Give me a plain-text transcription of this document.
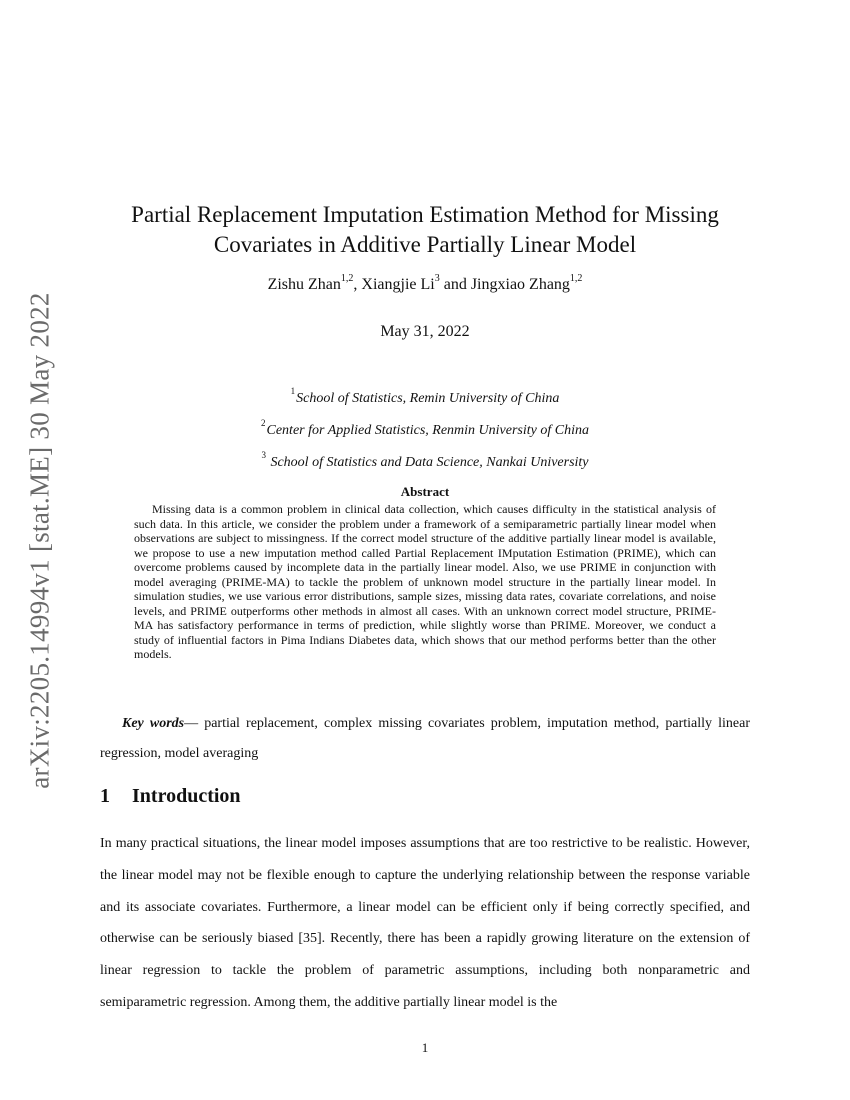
arXiv:2205.14994v1 [stat.ME] 30 May 2022
Partial Replacement Imputation Estimation Method for Missing
Covariates in Additive Partially Linear Model
Zishu Zhan$^{1,2}$, Xiangjie Li$^3$ and Jingxiao Zhang$^{1,2}$
May 31, 2022
$^1$School of Statistics, Remin University of China
$^2$Center for Applied Statistics, Renmin University of China
$^3$ School of Statistics and Data Science, Nankai University
Abstract

Missing data is a common problem in clinical data collection, which causes difficulty in the statistical analysis of such data. In this article, we consider the problem under a framework of a semiparametric partially linear model when observations are subject to missingness. If the correct model structure of the additive partially linear model is available, we propose to use a new imputation method called Partial Replacement IMputation Estimation (PRIME), which can overcome problems caused by incomplete data in the partially linear model. Also, we use PRIME in conjunction with model averaging (PRIME-MA) to tackle the problem of unknown model structure in the partially linear model. In simulation studies, we use various error distributions, sample sizes, missing data rates, covariate correlations, and noise levels, and PRIME outperforms other methods in almost all cases. With an unknown correct model structure, PRIME-MA has satisfactory performance in terms of prediction, while slightly worse than PRIME. Moreover, we conduct a study of influential factors in Pima Indians Diabetes data, which shows that our method performs better than the other models.

Key words— partial replacement, complex missing covariates problem, imputation method, partially linear regression, model averaging

1 Introduction

In many practical situations, the linear model imposes assumptions that are too restrictive to be realistic. However, the linear model may not be flexible enough to capture the underlying relationship between the response variable and its associate covariates. Furthermore, a linear model can be efficient only if being correctly specified, and otherwise can be seriously biased [35]. Recently, there has been a rapidly growing literature on the extension of linear regression to tackle the problem of parametric assumptions, including both nonparametric and semiparametric regression. Among them, the additive partially linear model is the

1
